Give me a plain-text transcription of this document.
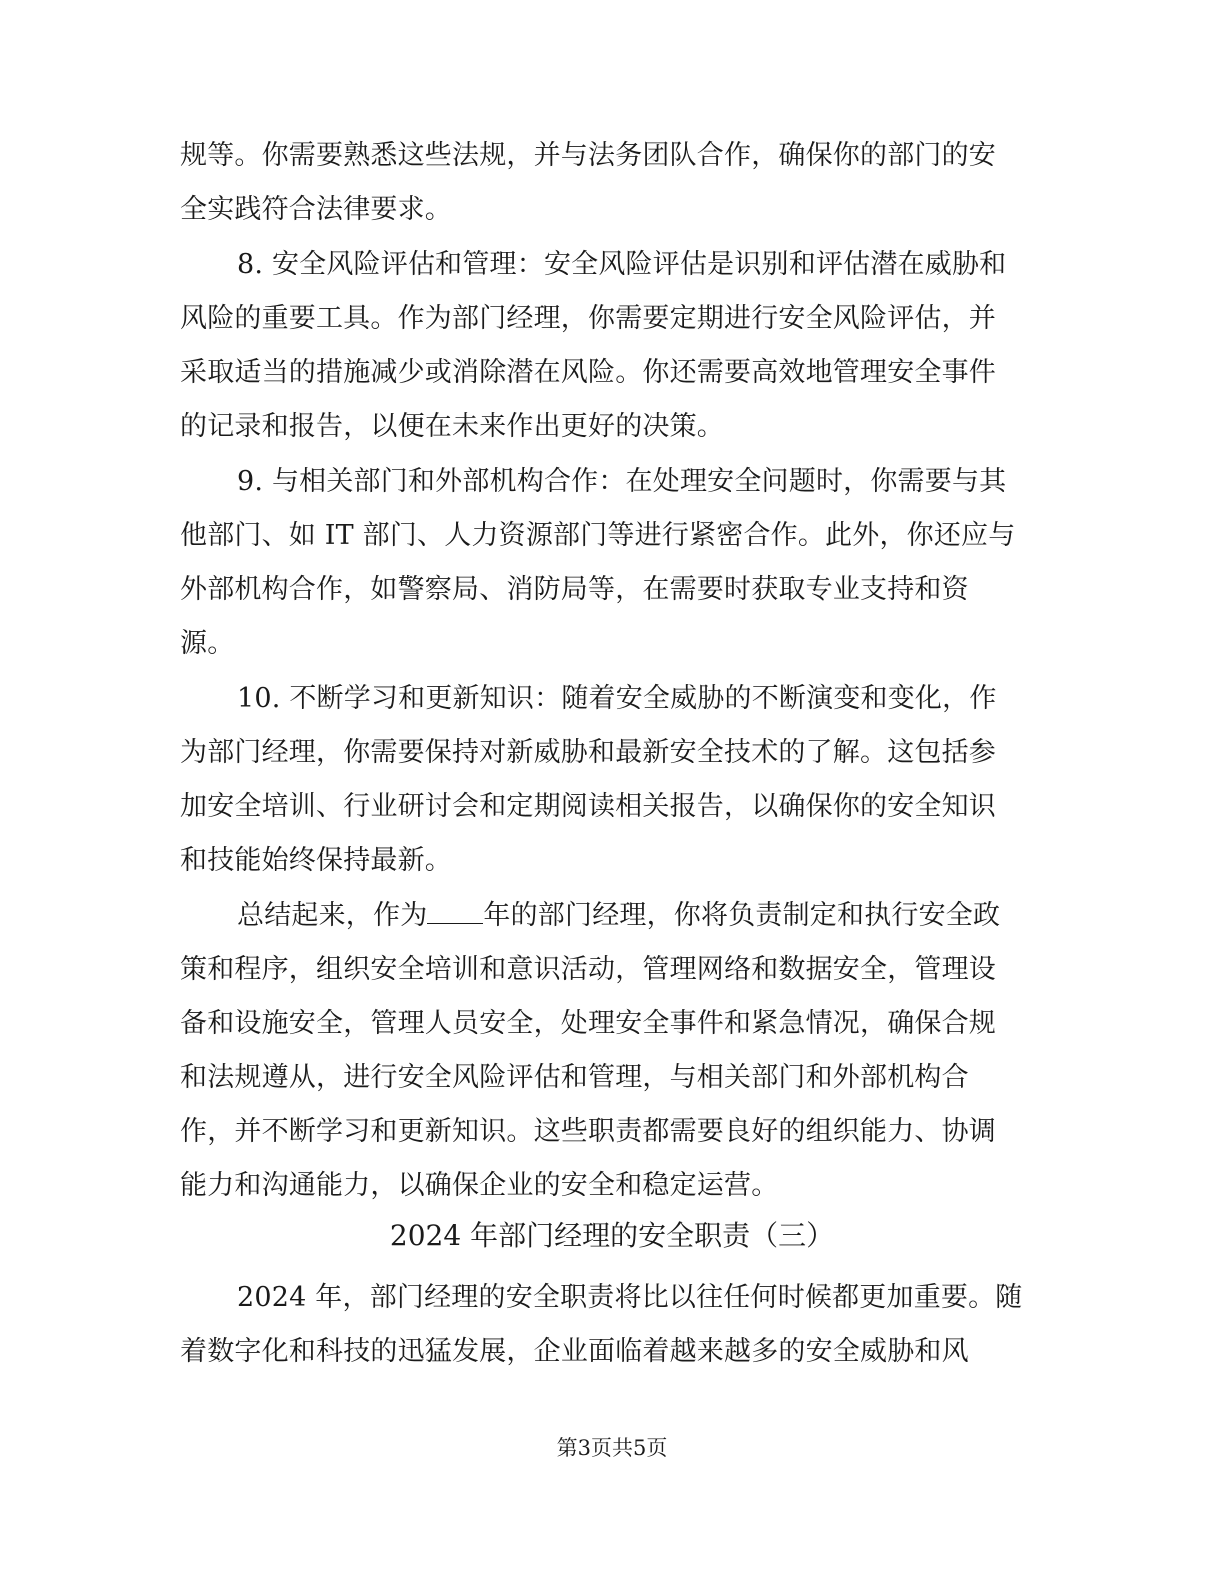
规等。你需要熟悉这些法规，并与法务团队合作，确保你的部门的安
全实践符合法律要求。
8. 安全风险评估和管理：安全风险评估是识别和评估潜在威胁和
风险的重要工具。作为部门经理，你需要定期进行安全风险评估，并
采取适当的措施减少或消除潜在风险。你还需要高效地管理安全事件
的记录和报告，以便在未来作出更好的决策。
9. 与相关部门和外部机构合作：在处理安全问题时，你需要与其
他部门、如 IT 部门、人力资源部门等进行紧密合作。此外，你还应与
外部机构合作，如警察局、消防局等，在需要时获取专业支持和资
源。
10. 不断学习和更新知识：随着安全威胁的不断演变和变化，作
为部门经理，你需要保持对新威胁和最新安全技术的了解。这包括参
加安全培训、行业研讨会和定期阅读相关报告，以确保你的安全知识
和技能始终保持最新。
总结起来，作为 年的部门经理，你将负责制定和执行安全政
策和程序，组织安全培训和意识活动，管理网络和数据安全，管理设
备和设施安全，管理人员安全，处理安全事件和紧急情况，确保合规
和法规遵从，进行安全风险评估和管理，与相关部门和外部机构合
作，并不断学习和更新知识。这些职责都需要良好的组织能力、协调
能力和沟通能力，以确保企业的安全和稳定运营。
2024 年部门经理的安全职责（三）
2024 年，部门经理的安全职责将比以往任何时候都更加重要。随
着数字化和科技的迅猛发展，企业面临着越来越多的安全威胁和风
第3页共5页
